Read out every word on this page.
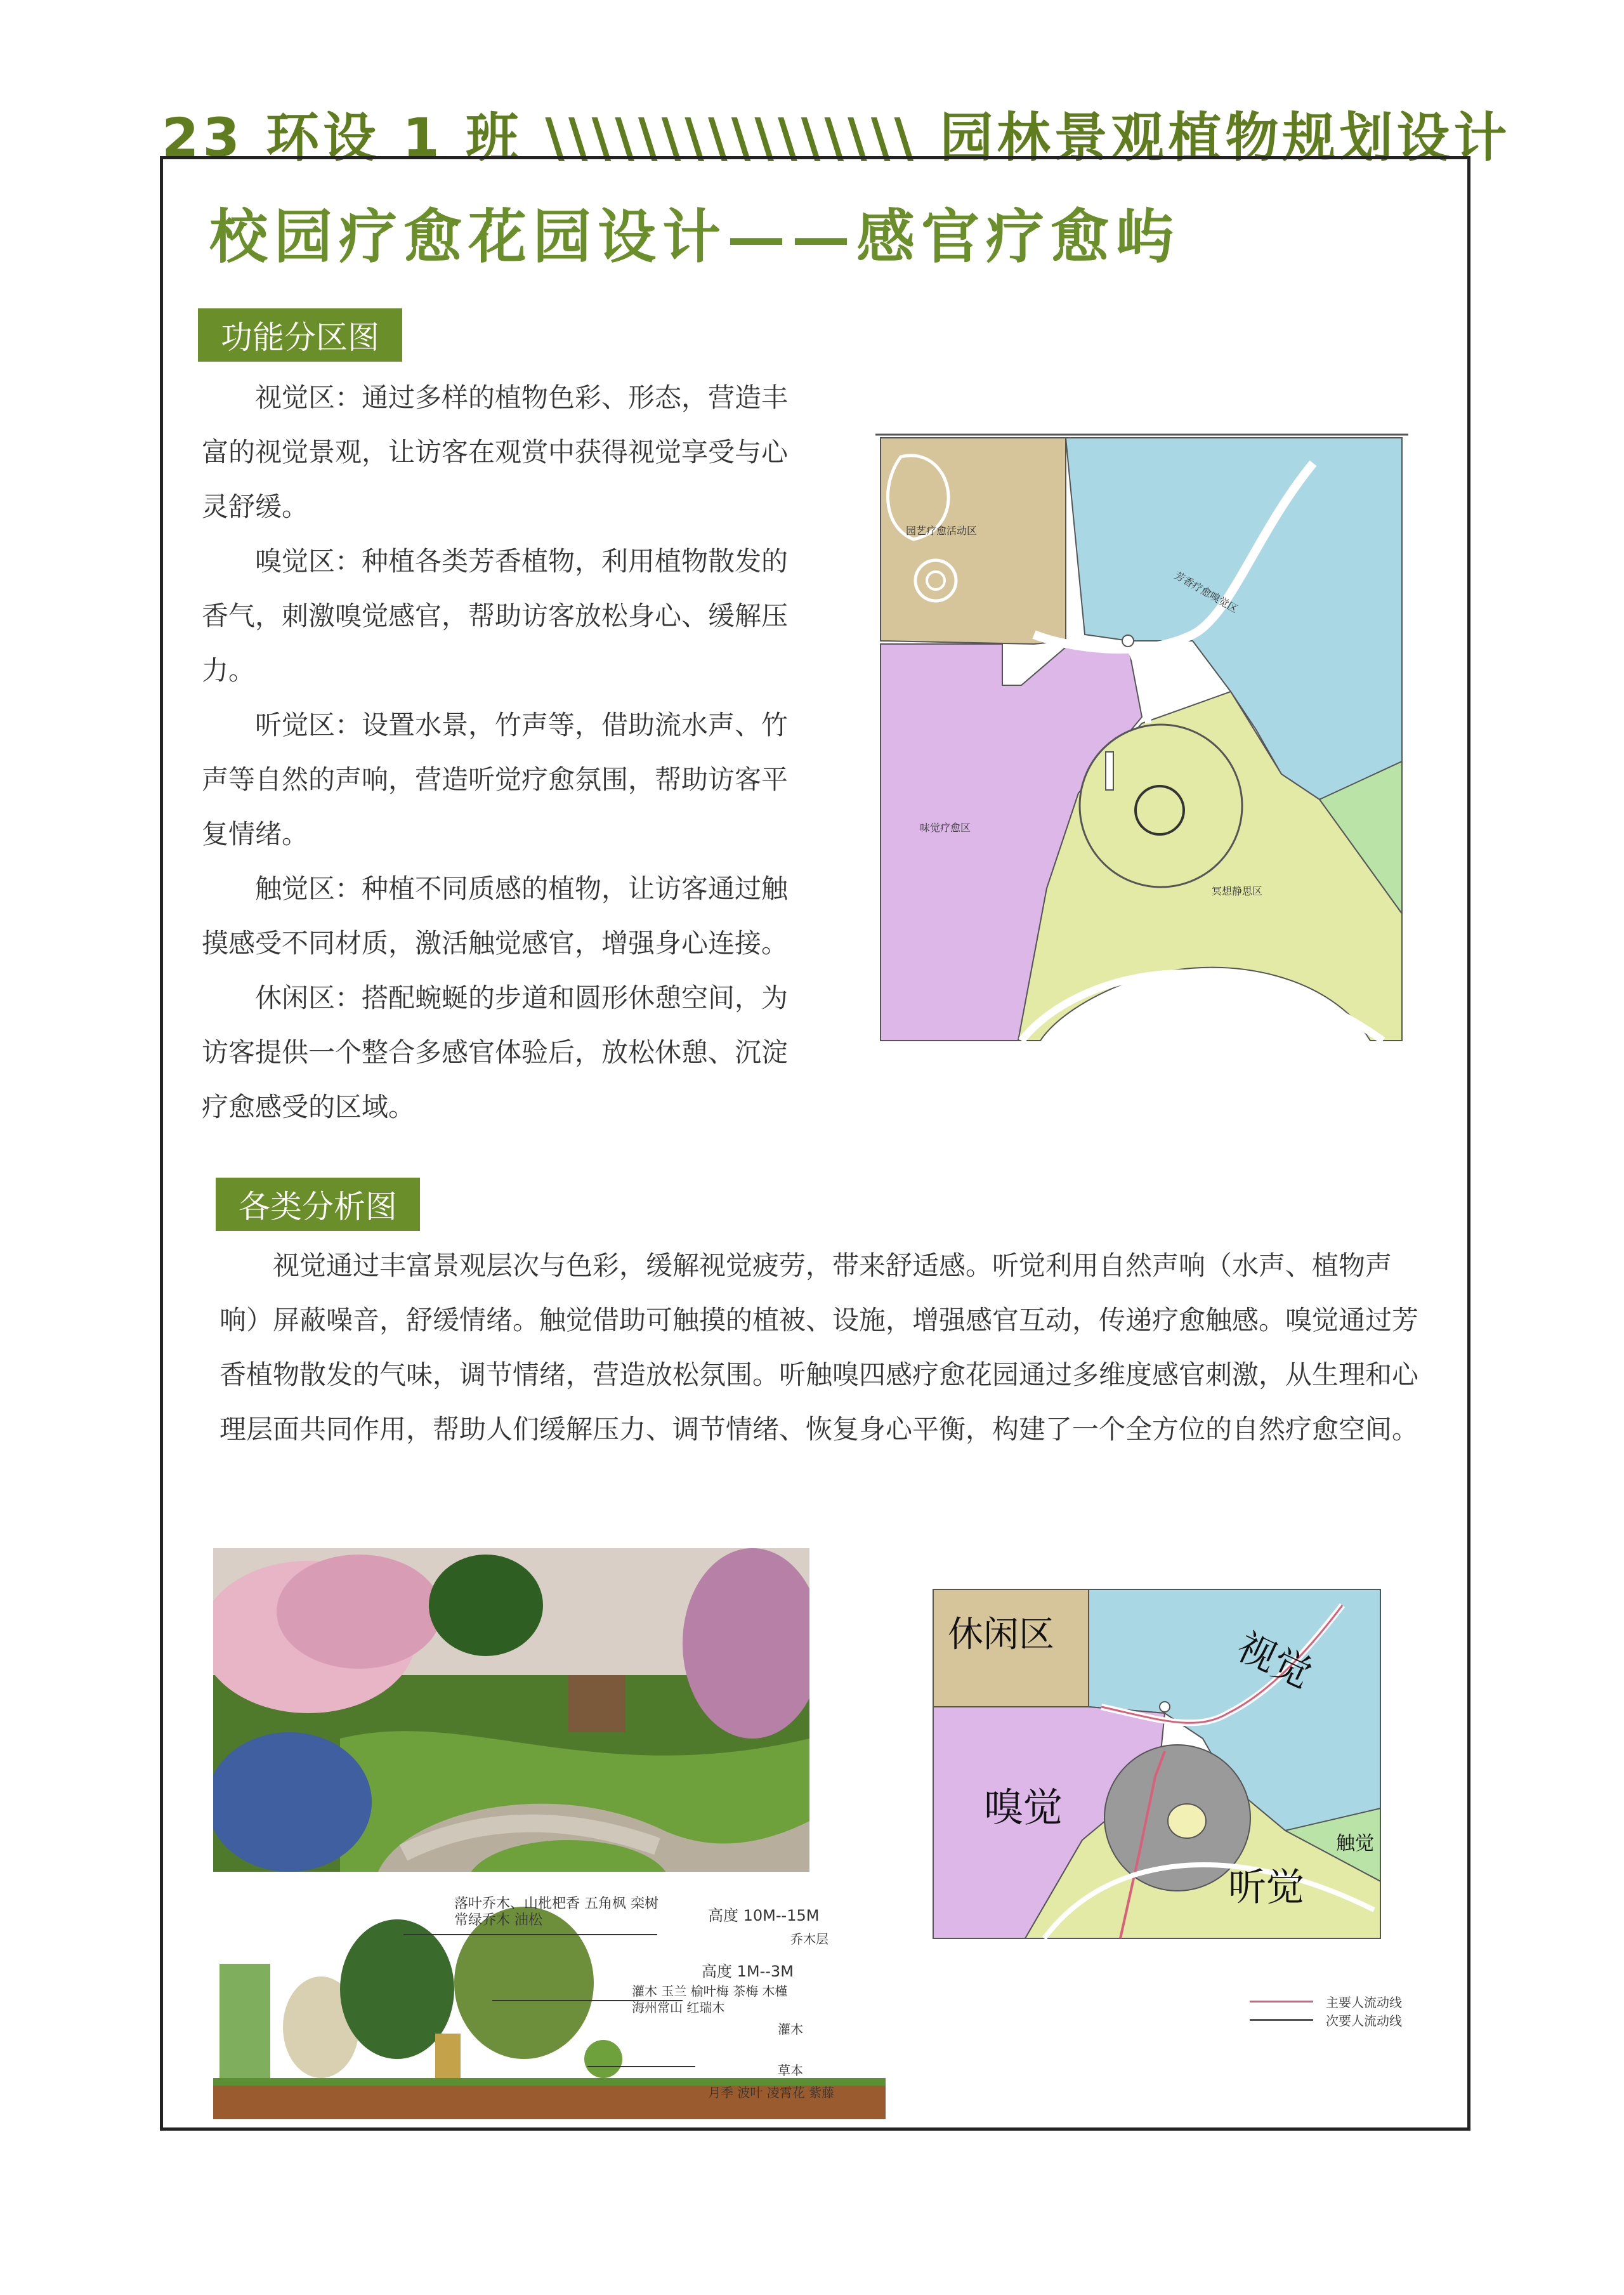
23 环设 1 班 \\\\\\\\\\\\\\\\ 园林景观植物规划设计
校园疗愈花园设计——感官疗愈屿
功能分区图

视觉区：通过多样的植物色彩、形态，营造丰富的视觉景观，让访客在观赏中获得视觉享受与心灵舒缓。

嗅觉区：种植各类芳香植物，利用植物散发的香气，刺激嗅觉感官，帮助访客放松身心、缓解压力。

听觉区：设置水景，竹声等，借助流水声、竹声等自然的声响，营造听觉疗愈氛围，帮助访客平复情绪。

触觉区：种植不同质感的植物，让访客通过触摸感受不同材质，激活触觉感官，增强身心连接。

休闲区：搭配蜿蜒的步道和圆形休憩空间，为访客提供一个整合多感官体验后，放松休憩、沉淀疗愈感受的区域。

园艺疗愈活动区
芳香疗愈嗅觉区
味觉疗愈区
冥想静思区
各类分析图

视觉通过丰富景观层次与色彩，缓解视觉疲劳，带来舒适感。听觉利用自然声响（水声、植物声响）屏蔽噪音，舒缓情绪。触觉借助可触摸的植被、设施，增强感官互动，传递疗愈触感。嗅觉通过芳香植物散发的气味，调节情绪，营造放松氛围。听触嗅四感疗愈花园通过多维度感官刺激，从生理和心理层面共同作用，帮助人们缓解压力、调节情绪、恢复身心平衡，构建了一个全方位的自然疗愈空间。

落叶乔木、山枇杷香 五角枫 栾树
常绿乔木 油松	高度 10M--15M
乔木层
高度 1M--3M
灌木 玉兰 榆叶梅 茶梅 木槿
海州常山 红瑞木
灌木
草本
月季 波叶 凌霄花 紫藤
休闲区	视觉
嗅觉
触觉
听觉
主要人流动线
次要人流动线
